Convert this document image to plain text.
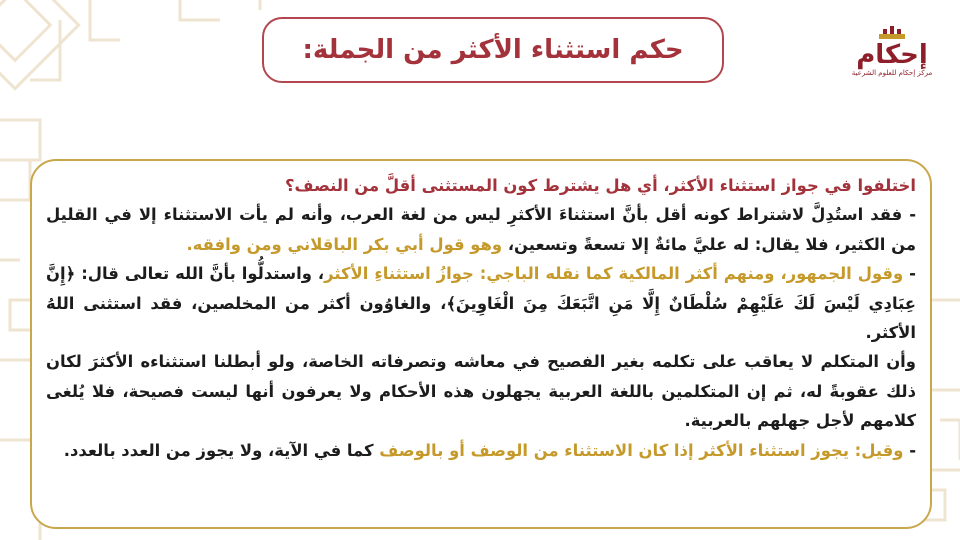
إحكام
مركز إحكام للعلوم الشرعية
حكم استثناء الأكثر من الجملة:

اختلفوا في جواز استثناء الأكثر، أي هل يشترط كون المستثنى أقلَّ من النصف؟

- فقد استُدِلَّ لاشتراط كونه أقل بأنَّ استثناءَ الأكثرِ ليس من لغة العرب، وأنه لم يأت الاستثناء إلا في القليل من الكثير، فلا يقال: له عليَّ مائةٌ إلا تسعةً وتسعين، وهو قول أبي بكر الباقلاني ومن وافقه.

- وقول الجمهور، ومنهم أكثر المالكية كما نقله الباجي: جوازُ استثناءِ الأكثر، واستدلُّوا بأنَّ الله تعالى قال: ﴿إِنَّ عِبَادِي لَيْسَ لَكَ عَلَيْهِمْ سُلْطَانٌ إِلَّا مَنِ اتَّبَعَكَ مِنَ الْغَاوِينَ﴾، والغاوُون أكثر من المخلصين، فقد استثنى اللهُ الأكثر.

وأن المتكلم لا يعاقب على تكلمه بغير الفصيح في معاشه وتصرفاته الخاصة، ولو أبطلنا استثناءه الأكثرَ لكان ذلك عقوبةً له، ثم إن المتكلمين باللغة العربية يجهلون هذه الأحكام ولا يعرفون أنها ليست فصيحة، فلا يُلغى كلامهم لأجل جهلهم بالعربية.

- وقيل: يجوز استثناء الأكثر إذا كان الاستثناء من الوصف أو بالوصف كما في الآية، ولا يجوز من العدد بالعدد.
